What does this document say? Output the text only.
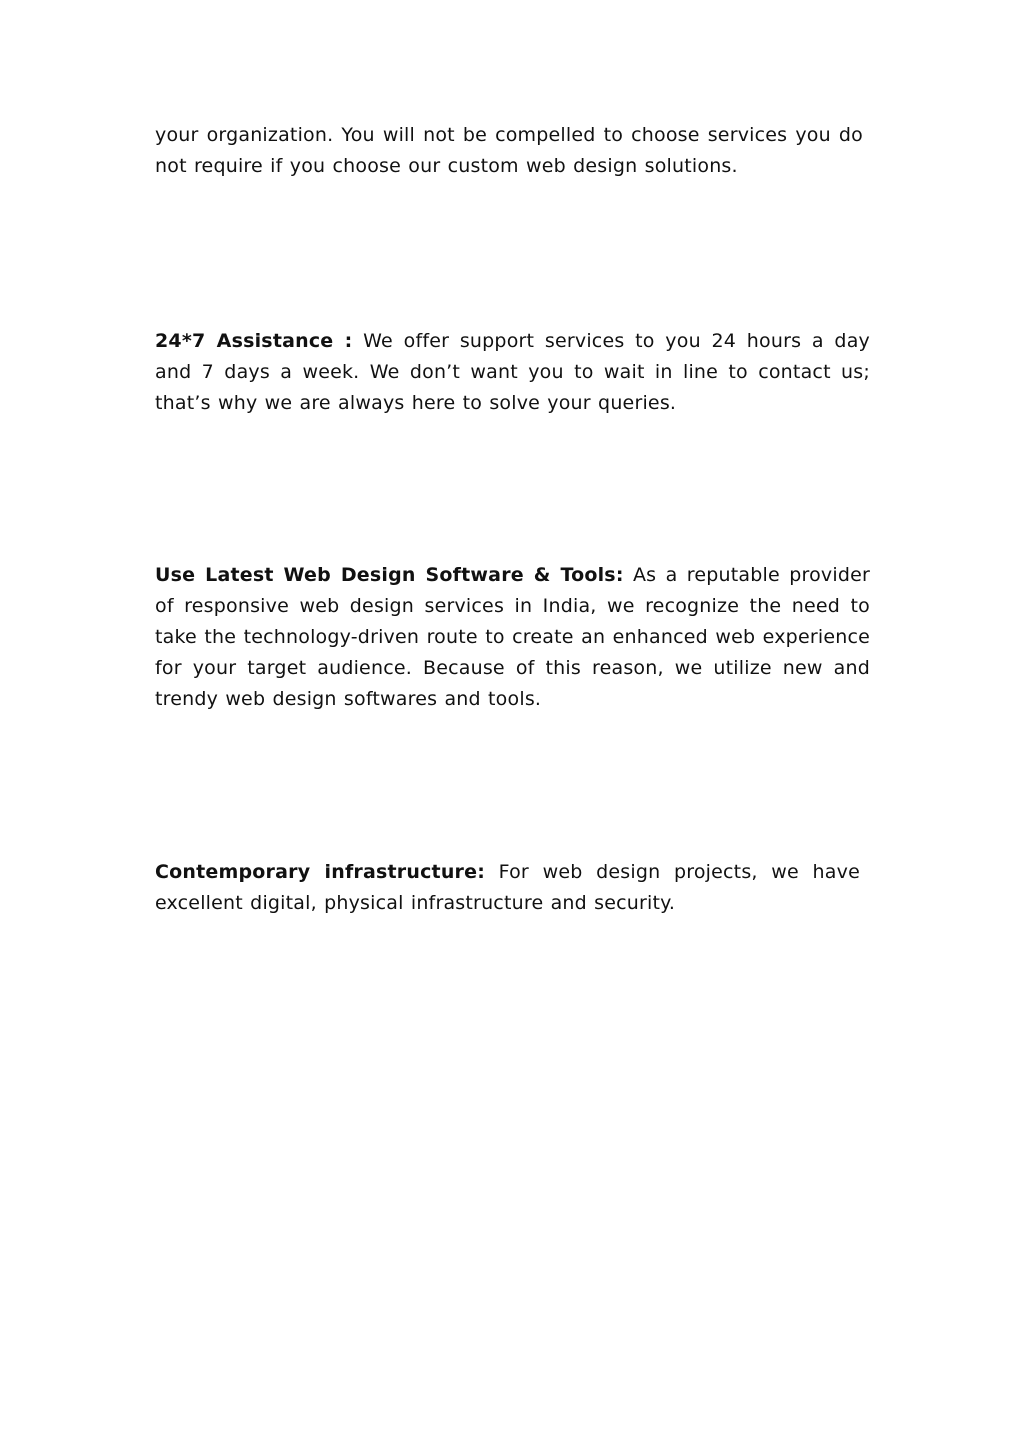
your organization. You will not be compelled to choose services you do not require if you choose our custom web design solutions.

24*7 Assistance : We offer support services to you 24 hours a day and 7 days a week. We don’t want you to wait in line to contact us; that’s why we are always here to solve your queries.

Use Latest Web Design Software & Tools: As a reputable provider of responsive web design services in India, we recognize the need to take the technology-driven route to create an enhanced web experience for your target audience. Because of this reason, we utilize new and trendy web design softwares and tools.

Contemporary infrastructure: For web design projects, we have excellent digital, physical infrastructure and security.
